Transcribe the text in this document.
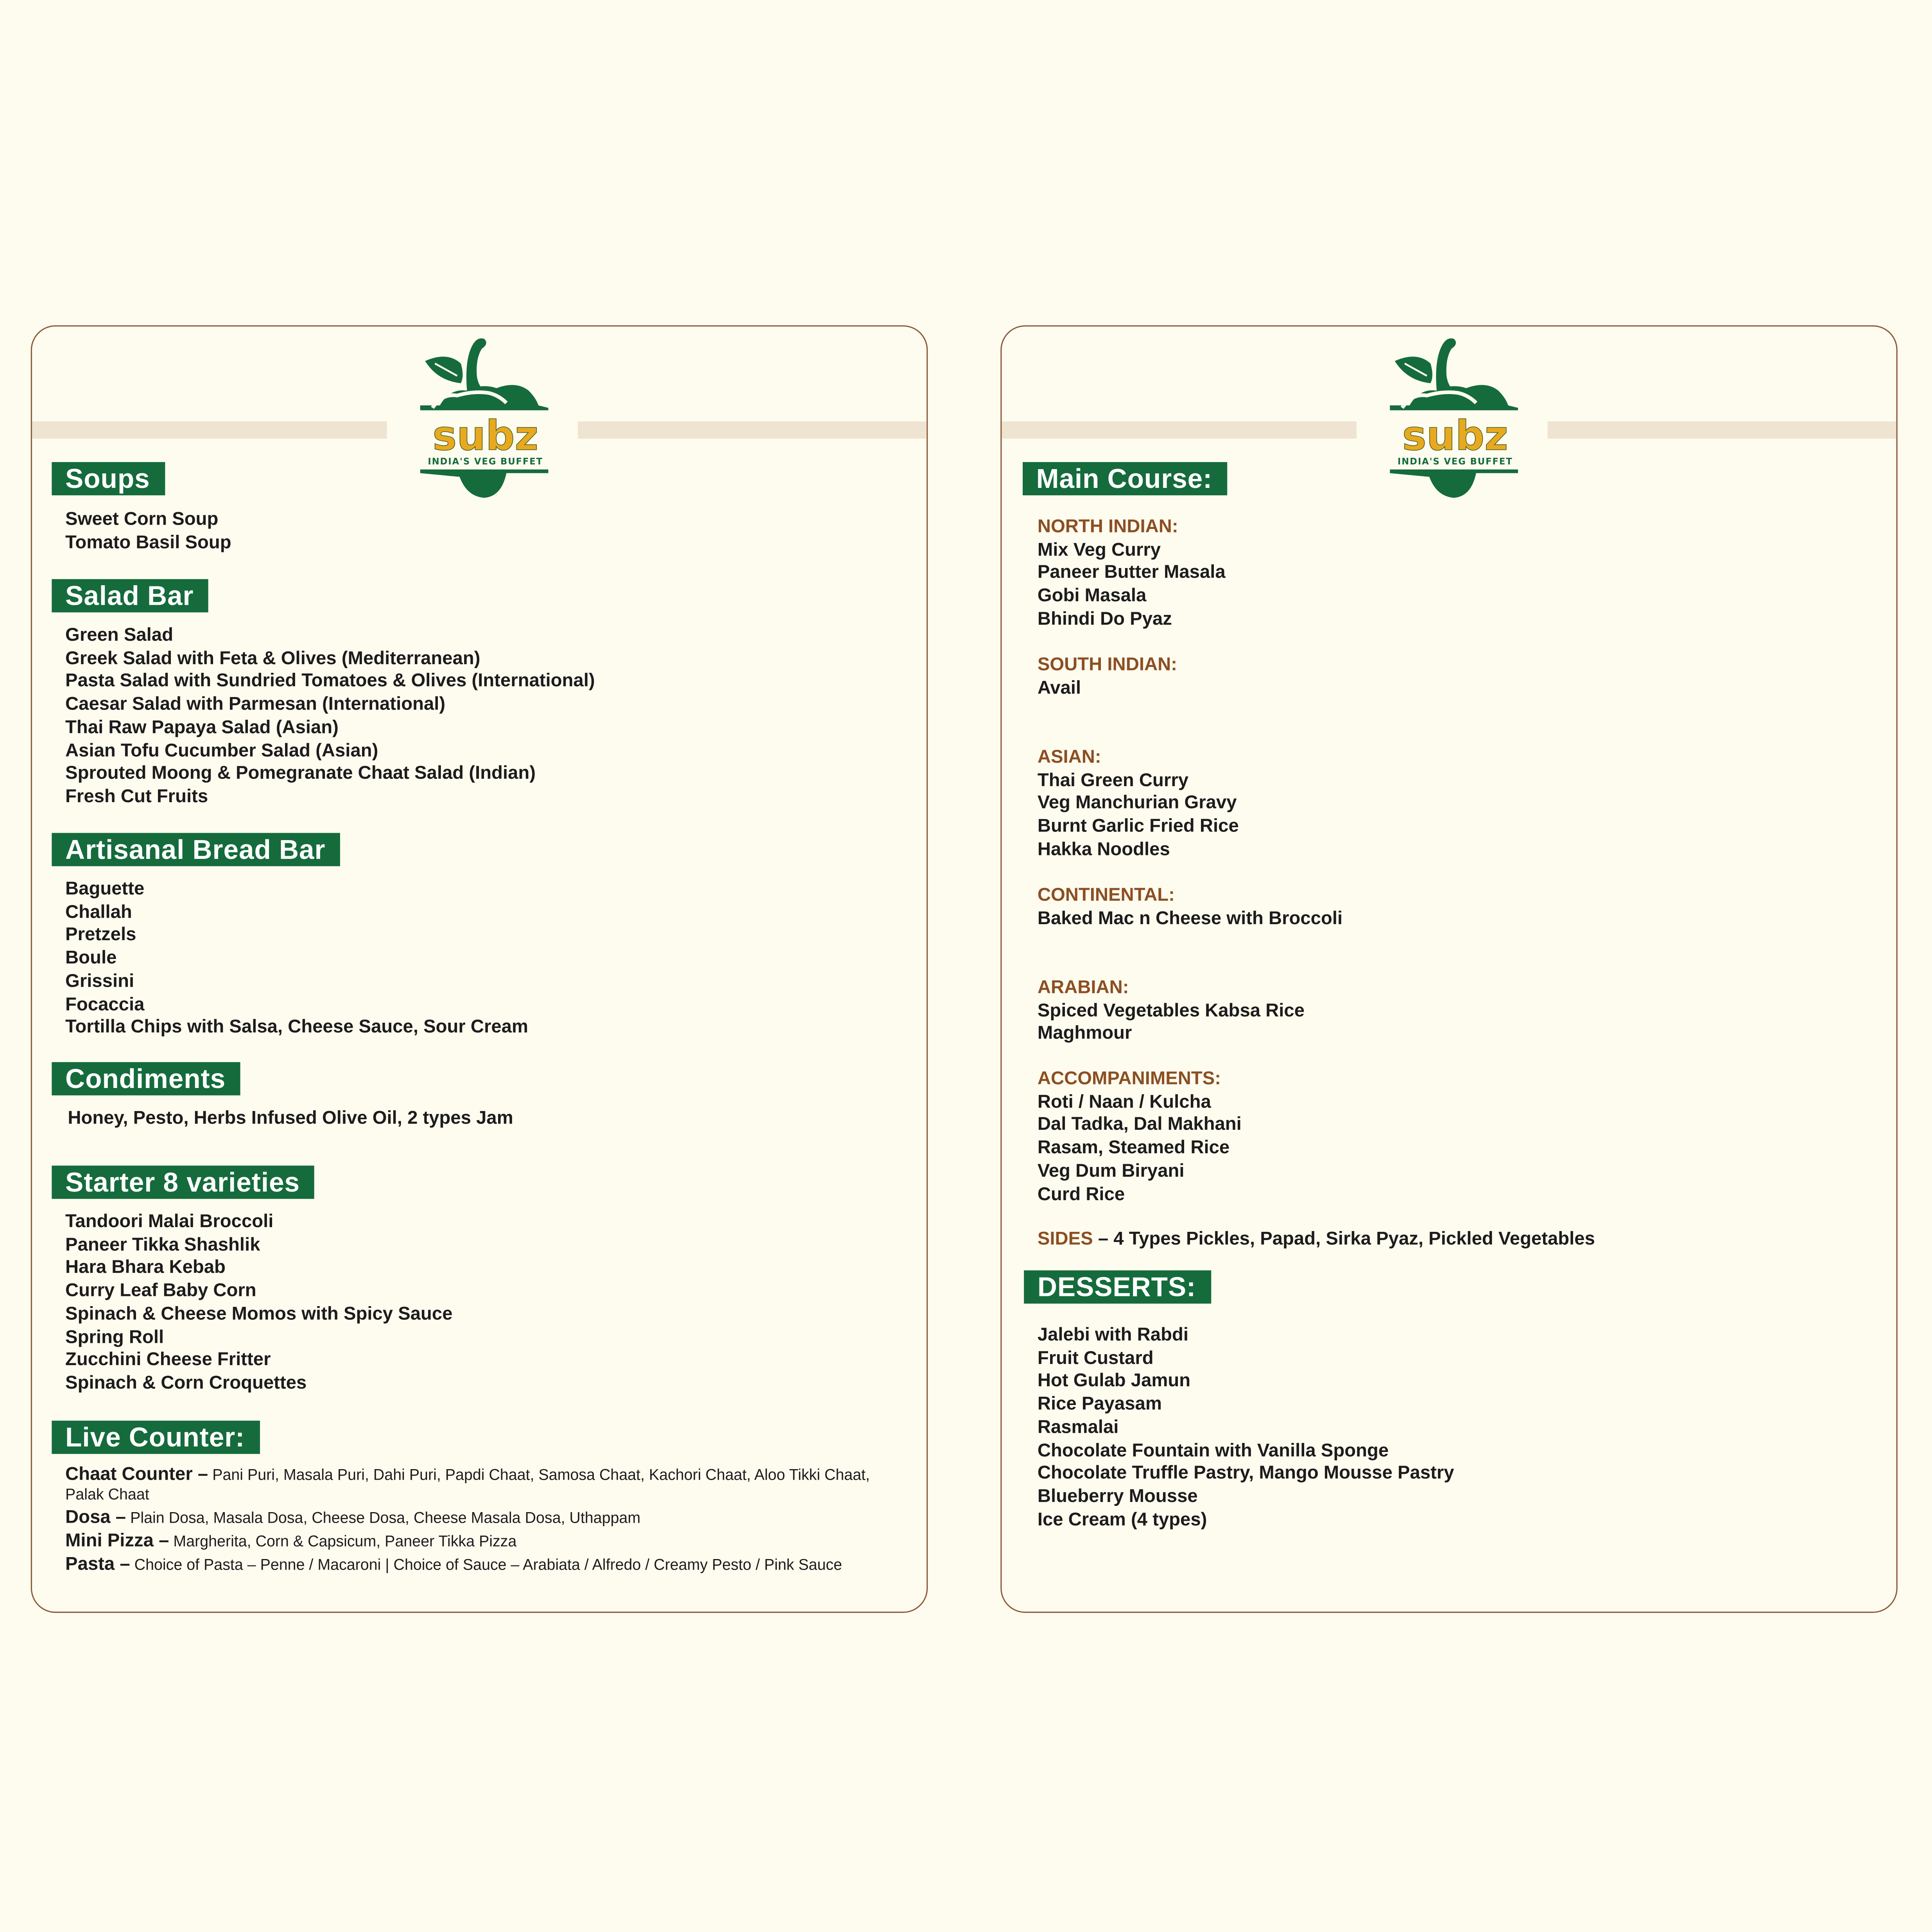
subz
INDIA'S VEG BUFFET
Soups
Sweet Corn Soup
Tomato Basil Soup
Salad Bar
Green Salad
Greek Salad with Feta & Olives (Mediterranean)
Pasta Salad with Sundried Tomatoes & Olives (International)
Caesar Salad with Parmesan (International)
Thai Raw Papaya Salad (Asian)
Asian Tofu Cucumber Salad (Asian)
Sprouted Moong & Pomegranate Chaat Salad (Indian)
Fresh Cut Fruits
Artisanal Bread Bar
Baguette
Challah
Pretzels
Boule
Grissini
Focaccia
Tortilla Chips with Salsa, Cheese Sauce, Sour Cream
Condiments
Honey, Pesto, Herbs Infused Olive Oil, 2 types Jam
Starter 8 varieties
Tandoori Malai Broccoli
Paneer Tikka Shashlik
Hara Bhara Kebab
Curry Leaf Baby Corn
Spinach & Cheese Momos with Spicy Sauce
Spring Roll
Zucchini Cheese Fritter
Spinach & Corn Croquettes
Live Counter:
Chaat Counter – Pani Puri, Masala Puri, Dahi Puri, Papdi Chaat, Samosa Chaat, Kachori Chaat, Aloo Tikki Chaat, Palak Chaat
Dosa – Plain Dosa, Masala Dosa, Cheese Dosa, Cheese Masala Dosa, Uthappam
Mini Pizza – Margherita, Corn & Capsicum, Paneer Tikka Pizza
Pasta – Choice of Pasta – Penne / Macaroni | Choice of Sauce – Arabiata / Alfredo / Creamy Pesto / Pink Sauce
subz
INDIA'S VEG BUFFET
Main Course:
NORTH INDIAN:
Mix Veg Curry
Paneer Butter Masala
Gobi Masala
Bhindi Do Pyaz
SOUTH INDIAN:
Avail
ASIAN:
Thai Green Curry
Veg Manchurian Gravy
Burnt Garlic Fried Rice
Hakka Noodles
CONTINENTAL:
Baked Mac n Cheese with Broccoli
ARABIAN:
Spiced Vegetables Kabsa Rice
Maghmour
ACCOMPANIMENTS:
Roti / Naan / Kulcha
Dal Tadka, Dal Makhani
Rasam, Steamed Rice
Veg Dum Biryani
Curd Rice
SIDES – 4 Types Pickles, Papad, Sirka Pyaz, Pickled Vegetables
DESSERTS:
Jalebi with Rabdi
Fruit Custard
Hot Gulab Jamun
Rice Payasam
Rasmalai
Chocolate Fountain with Vanilla Sponge
Chocolate Truffle Pastry, Mango Mousse Pastry
Blueberry Mousse
Ice Cream (4 types)
